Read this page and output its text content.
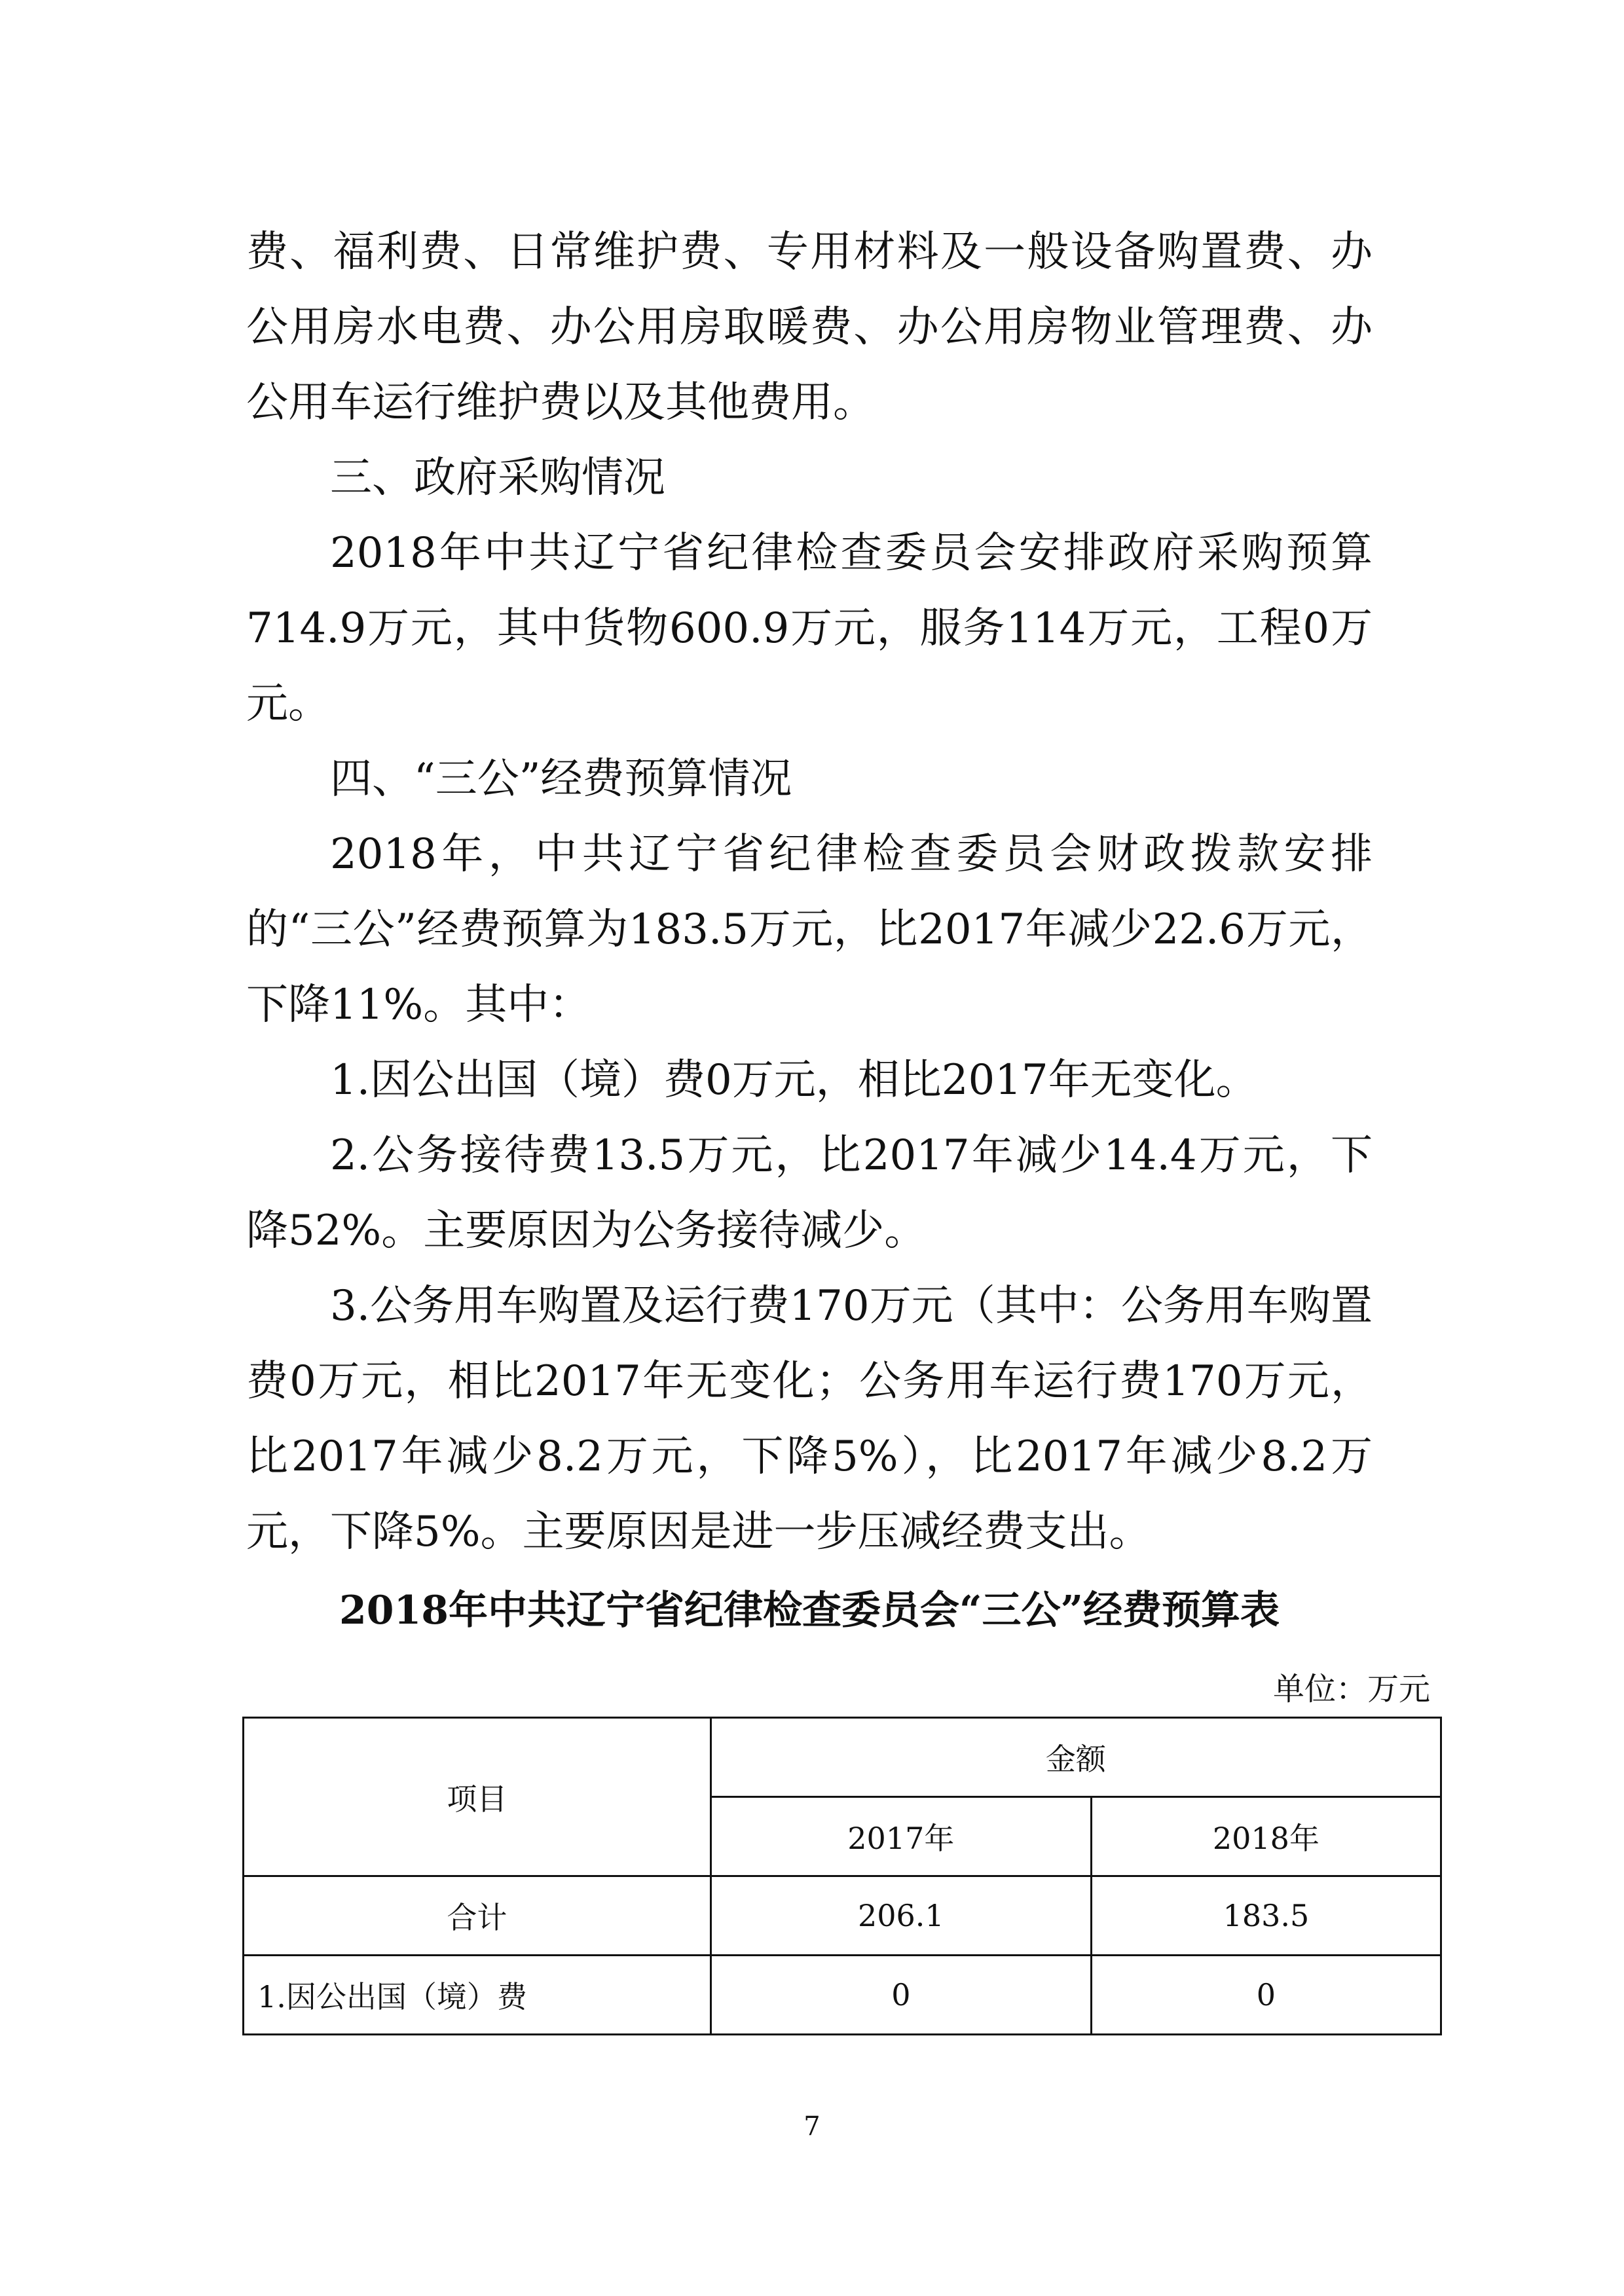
费、福利费、日常维护费、专用材料及一般设备购置费、办公用房水电费、办公用房取暖费、办公用房物业管理费、办公用车运行维护费以及其他费用。

三、政府采购情况

2018年中共辽宁省纪律检查委员会安排政府采购预算714.9万元，其中货物600.9万元，服务114万元，工程0万元。

四、“三公”经费预算情况

2018年，中共辽宁省纪律检查委员会财政拨款安排的“三公”经费预算为183.5万元，比2017年减少22.6万元，下降11%。其中：

1.因公出国（境）费0万元，相比2017年无变化。

2.公务接待费13.5万元，比2017年减少14.4万元，下降52%。主要原因为公务接待减少。

3.公务用车购置及运行费170万元（其中：公务用车购置费0万元，相比2017年无变化；公务用车运行费170万元，比2017年减少8.2万元，下降5%），比2017年减少8.2万元，下降5%。主要原因是进一步压减经费支出。

2018年中共辽宁省纪律检查委员会“三公”经费预算表
单位：万元
项目	金额	
	2017年	2018年
合计	206.1	183.5
1.因公出国（境）费	0	0
7
